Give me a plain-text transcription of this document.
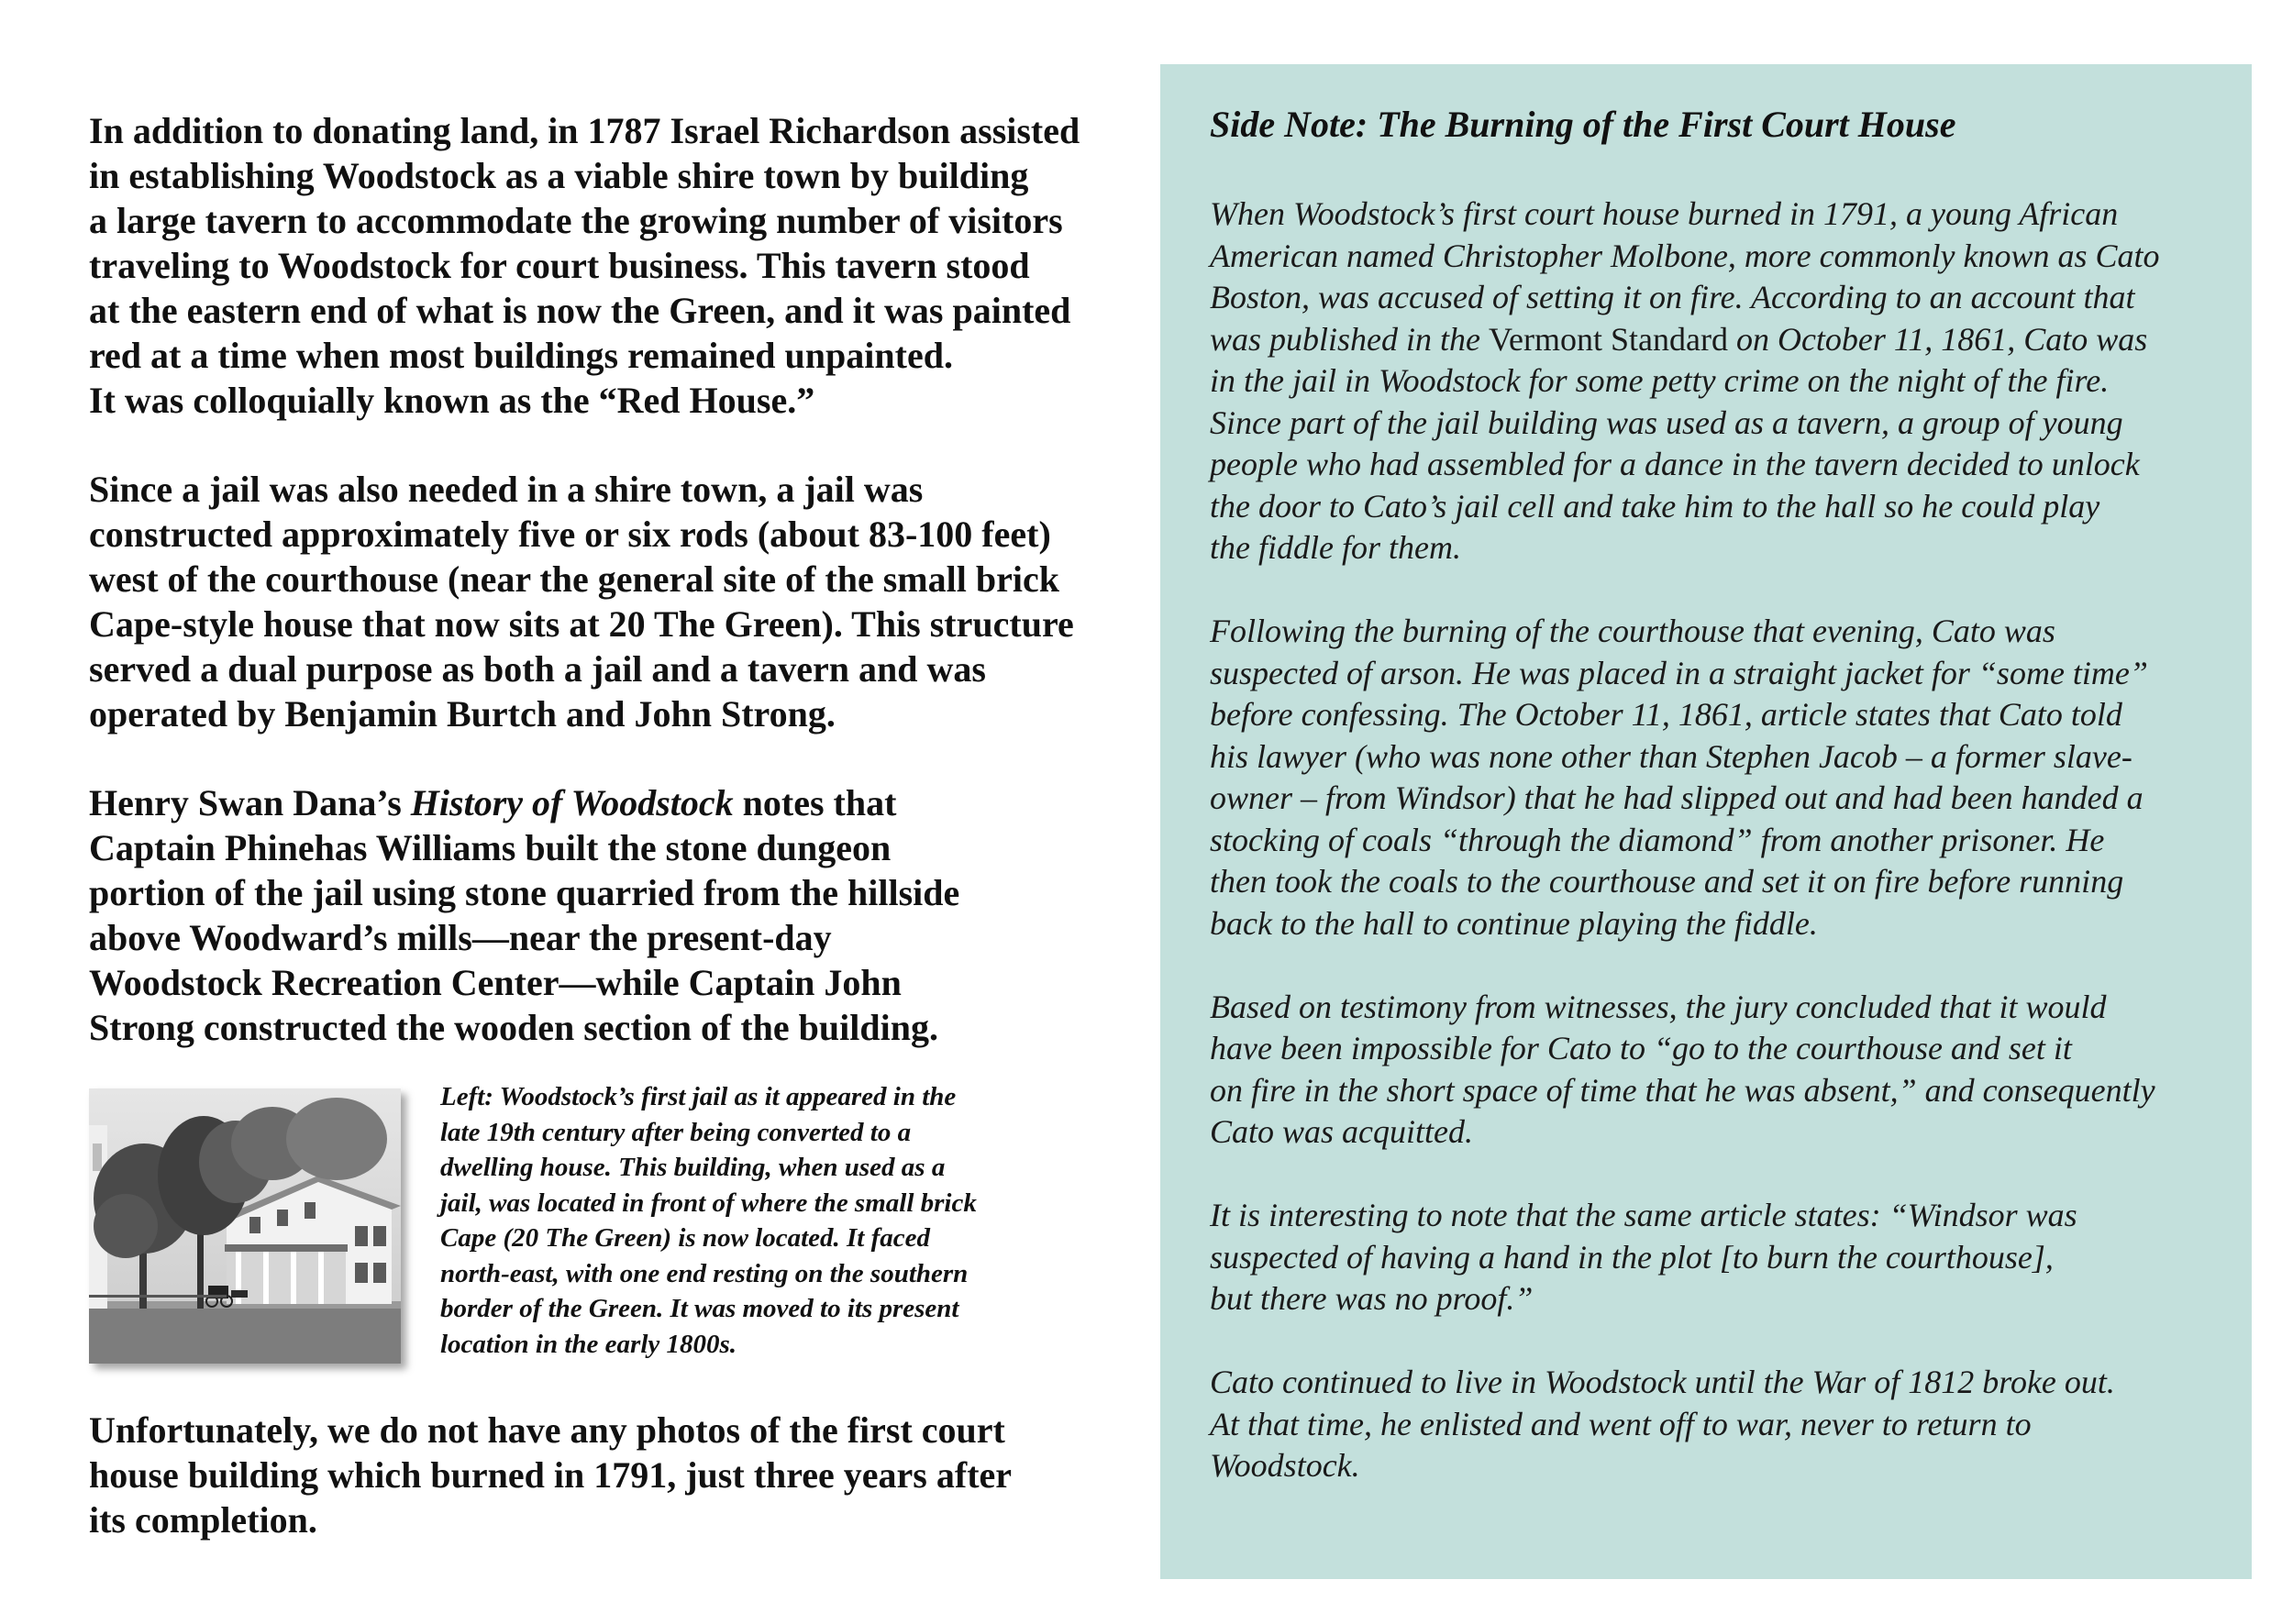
In addition to donating land, in 1787 Israel Richardson assisted
in establishing Woodstock as a viable shire town by building
a large tavern to accommodate the growing number of visitors
traveling to Woodstock for court business. This tavern stood
at the eastern end of what is now the Green, and it was painted
red at a time when most buildings remained unpainted.
It was colloquially known as the “Red House.”

Since a jail was also needed in a shire town, a jail was
constructed approximately five or six rods (about 83-100 feet)
west of the courthouse (near the general site of the small brick
Cape-style house that now sits at 20 The Green). This structure
served a dual purpose as both a jail and a tavern and was
operated by Benjamin Burtch and John Strong.

Henry Swan Dana’s History of Woodstock notes that
Captain Phinehas Williams built the stone dungeon
portion of the jail using stone quarried from the hillside
above Woodward’s mills—near the present-day
Woodstock Recreation Center—while Captain John
Strong constructed the wooden section of the building.

Left: Woodstock’s first jail as it appeared in the
late 19th century after being converted to a
dwelling house. This building, when used as a
jail, was located in front of where the small brick
Cape (20 The Green) is now located. It faced
north-east, with one end resting on the southern
border of the Green. It was moved to its present
location in the early 1800s.

Unfortunately, we do not have any photos of the first court
house building which burned in 1791, just three years after
its completion.

Side Note: The Burning of the First Court House

When Woodstock’s first court house burned in 1791, a young African
American named Christopher Molbone, more commonly known as Cato
Boston, was accused of setting it on fire. According to an account that
was published in the Vermont Standard on October 11, 1861, Cato was
in the jail in Woodstock for some petty crime on the night of the fire.
Since part of the jail building was used as a tavern, a group of young
people who had assembled for a dance in the tavern decided to unlock
the door to Cato’s jail cell and take him to the hall so he could play
the fiddle for them.

Following the burning of the courthouse that evening, Cato was
suspected of arson. He was placed in a straight jacket for “some time”
before confessing. The October 11, 1861, article states that Cato told
his lawyer (who was none other than Stephen Jacob – a former slave-
owner – from Windsor) that he had slipped out and had been handed a
stocking of coals “through the diamond” from another prisoner. He
then took the coals to the courthouse and set it on fire before running
back to the hall to continue playing the fiddle.

Based on testimony from witnesses, the jury concluded that it would
have been impossible for Cato to “go to the courthouse and set it
on fire in the short space of time that he was absent,” and consequently
Cato was acquitted.

It is interesting to note that the same article states: “Windsor was
suspected of having a hand in the plot [to burn the courthouse],
but there was no proof.”

Cato continued to live in Woodstock until the War of 1812 broke out.
At that time, he enlisted and went off to war, never to return to
Woodstock.
